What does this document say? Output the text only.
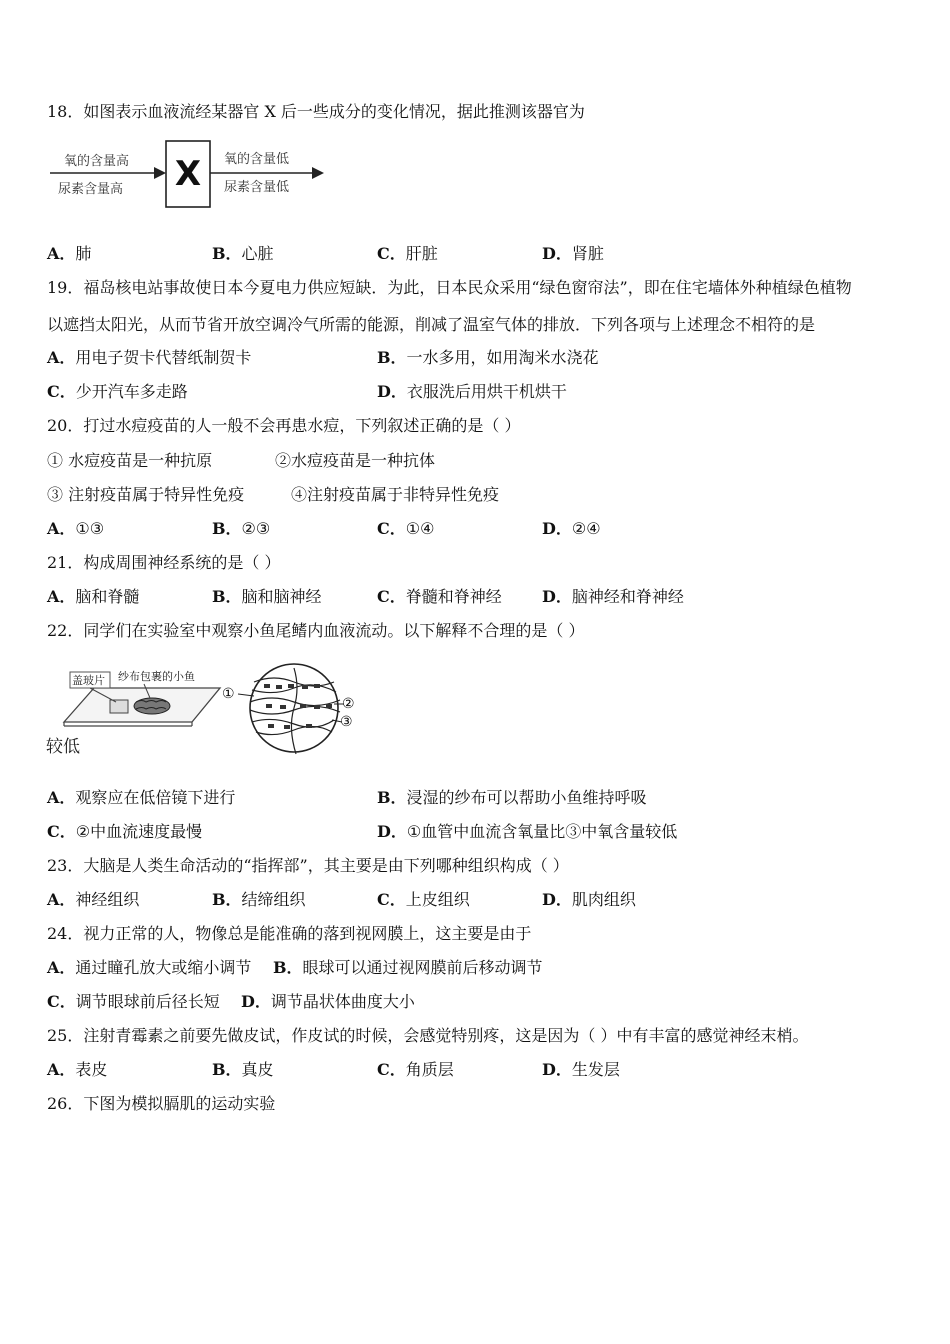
18．如图表示血液流经某器官 X 后一些成分的变化情况，据此推测该器官为
X
氧的含量高
尿素含量高
氧的含量低
尿素含量低
A．肺	B．心脏	C．肝脏	D．肾脏
19．福岛核电站事故使日本今夏电力供应短缺．为此，日本民众采用“绿色窗帘法”，即在住宅墙体外种植绿色植物
以遮挡太阳光，从而节省开放空调冷气所需的能源，削减了温室气体的排放．下列各项与上述理念不相符的是
A．用电子贺卡代替纸制贺卡	B．一水多用，如用淘米水浇花
C．少开汽车多走路	D．衣服洗后用烘干机烘干
20．打过水痘疫苗的人一般不会再患水痘，下列叙述正确的是（ ）
① 水痘疫苗是一种抗原	②水痘疫苗是一种抗体
③ 注射疫苗属于特异性免疫	④注射疫苗属于非特异性免疫
A．①③	B．②③	C．①④	D．②④
21．构成周围神经系统的是（ ）
A．脑和脊髓	B．脑和脑神经	C．脊髓和脊神经	D．脑神经和脊神经
22．同学们在实验室中观察小鱼尾鳍内血液流动。以下解释不合理的是（ ）
盖玻片 纱布包裹的小鱼
较低
①
②
③
A．观察应在低倍镜下进行	B．浸湿的纱布可以帮助小鱼维持呼吸
C．②中血流速度最慢	D．①血管中血流含氧量比③中氧含量较低
23．大脑是人类生命活动的“指挥部”，其主要是由下列哪种组织构成（ ）
A．神经组织	B．结缔组织	C．上皮组织	D．肌肉组织
24．视力正常的人，物像总是能准确的落到视网膜上，这主要是由于
A．通过瞳孔放大或缩小调节 B．眼球可以通过视网膜前后移动调节
C．调节眼球前后径长短 D．调节晶状体曲度大小
25．注射青霉素之前要先做皮试，作皮试的时候，会感觉特别疼，这是因为（ ）中有丰富的感觉神经末梢。
A．表皮	B．真皮	C．角质层	D．生发层
26．下图为模拟膈肌的运动实验
